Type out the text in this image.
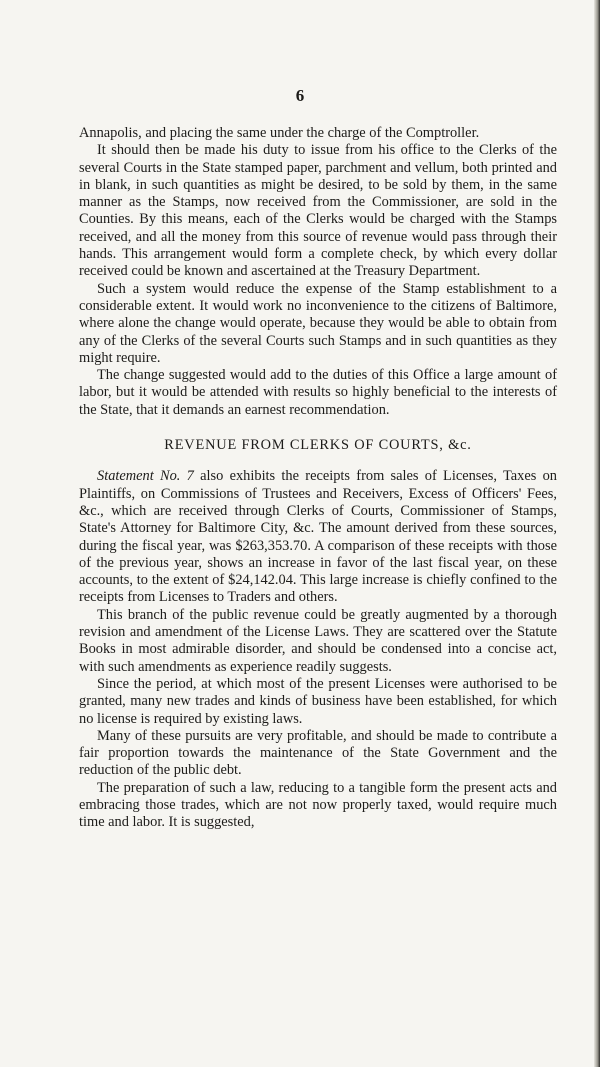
6

Annapolis, and placing the same under the charge of the Comptroller.

It should then be made his duty to issue from his office to the Clerks of the several Courts in the State stamped paper, parchment and vellum, both printed and in blank, in such quantities as might be desired, to be sold by them, in the same manner as the Stamps, now received from the Commissioner, are sold in the Counties. By this means, each of the Clerks would be charged with the Stamps received, and all the money from this source of revenue would pass through their hands. This arrangement would form a complete check, by which every dollar received could be known and ascertained at the Treasury Department.

Such a system would reduce the expense of the Stamp establishment to a considerable extent. It would work no inconvenience to the citizens of Baltimore, where alone the change would operate, because they would be able to obtain from any of the Clerks of the several Courts such Stamps and in such quantities as they might require.

The change suggested would add to the duties of this Office a large amount of labor, but it would be attended with results so highly beneficial to the interests of the State, that it demands an earnest recommendation.

REVENUE FROM CLERKS OF COURTS, &c.

Statement No. 7 also exhibits the receipts from sales of Licenses, Taxes on Plaintiffs, on Commissions of Trustees and Receivers, Excess of Officers' Fees, &c., which are received through Clerks of Courts, Commissioner of Stamps, State's Attorney for Baltimore City, &c. The amount derived from these sources, during the fiscal year, was $263,353.70. A comparison of these receipts with those of the previous year, shows an increase in favor of the last fiscal year, on these accounts, to the extent of $24,142.04. This large increase is chiefly confined to the receipts from Licenses to Traders and others.

This branch of the public revenue could be greatly augmented by a thorough revision and amendment of the License Laws. They are scattered over the Statute Books in most admirable disorder, and should be condensed into a concise act, with such amendments as experience readily suggests.

Since the period, at which most of the present Licenses were authorised to be granted, many new trades and kinds of business have been established, for which no license is required by existing laws.

Many of these pursuits are very profitable, and should be made to contribute a fair proportion towards the maintenance of the State Government and the reduction of the public debt.

The preparation of such a law, reducing to a tangible form the present acts and embracing those trades, which are not now properly taxed, would require much time and labor. It is suggested,
